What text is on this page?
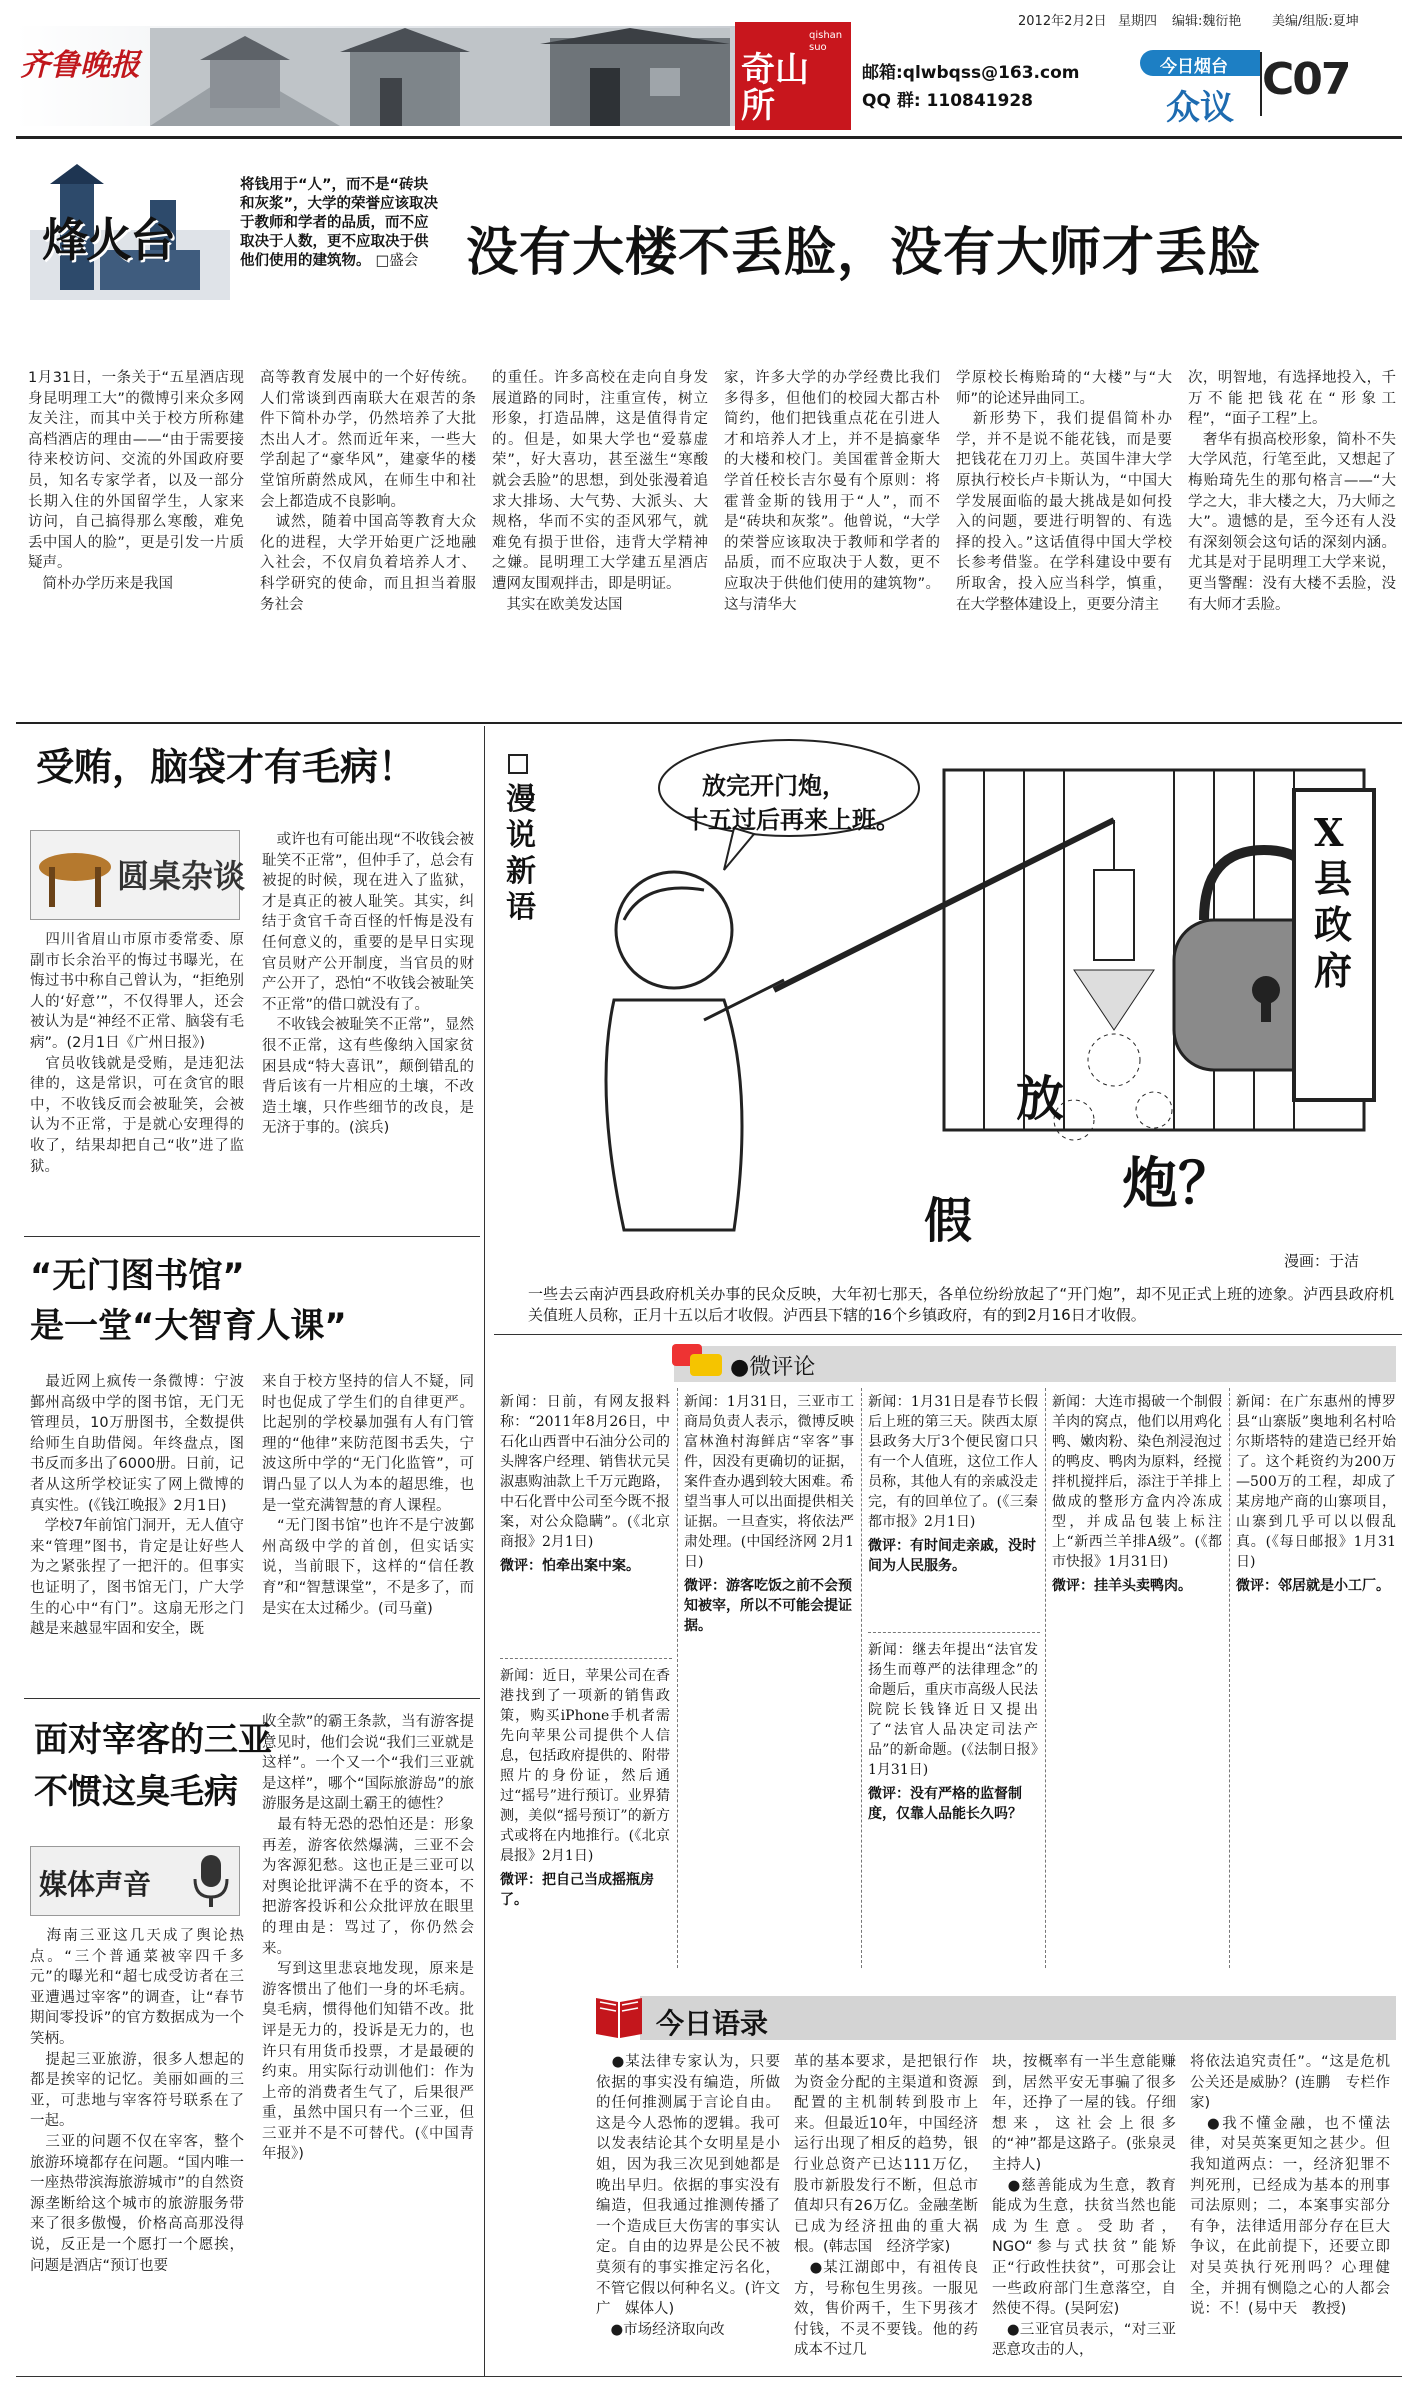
齐鲁晚报	奇山所
qishan suo
2012年2月2日 星期四 编辑:魏衍艳 美编/组版:夏坤
邮箱:qlwbqss@163.com
QQ 群: 110841928
今日烟台
众议
C07
烽火台
将钱用于“人”，而不是“砖块和灰浆”，大学的荣誉应该取决于教师和学者的品质，而不应取决于人数，更不应取决于供他们使用的建筑物。 □盛会 没有大楼不丢脸，没有大师才丢脸
1月31日，一条关于“五星酒店现身昆明理工大”的微博引来众多网友关注，而其中关于校方所称建高档酒店的理由——“由于需要接待来校访问、交流的外国政府要员，知名专家学者，以及一部分长期入住的外国留学生，人家来访问，自己搞得那么寒酸，难免丢中国人的脸”，更是引发一片质疑声。
　简朴办学历来是我国
高等教育发展中的一个好传统。人们常谈到西南联大在艰苦的条件下简朴办学，仍然培养了大批杰出人才。然而近年来，一些大学刮起了“豪华风”，建豪华的楼堂馆所蔚然成风，在师生中和社会上都造成不良影响。
　诚然，随着中国高等教育大众化的进程，大学开始更广泛地融入社会，不仅肩负着培养人才、科学研究的使命，而且担当着服务社会
的重任。许多高校在走向自身发展道路的同时，注重宣传，树立形象，打造品牌，这是值得肯定的。但是，如果大学也“爱慕虚荣”，好大喜功，甚至滋生“寒酸就会丢脸”的思想，到处张漫着追求大排场、大气势、大派头、大规格，华而不实的歪风邪气，就难免有损于世俗，违背大学精神之嫌。昆明理工大学建五星酒店遭网友围观拌击，即是明证。
　其实在欧美发达国
家，许多大学的办学经费比我们多得多，但他们的校园大都古朴简约，他们把钱重点花在引进人才和培养人才上，并不是搞豪华的大楼和校门。美国霍普金斯大学首任校长吉尔曼有个原则：将霍普金斯的钱用于“人”，而不是“砖块和灰浆”。他曾说，“大学的荣誉应该取决于教师和学者的品质，而不应取决于人数，更不应取决于供他们使用的建筑物”。这与清华大
学原校长梅贻琦的“大楼”与“大师”的论述异曲同工。
　新形势下，我们提倡简朴办学，并不是说不能花钱，而是要把钱花在刀刃上。英国牛津大学原执行校长卢卡斯认为，“中国大学发展面临的最大挑战是如何投入的问题，要进行明智的、有选择的投入。”这话值得中国大学校长参考借鉴。在学科建设中要有所取舍，投入应当科学，慎重，在大学整体建设上，更要分清主
次，明智地，有选择地投入，千万不能把钱花在“形象工程”，“面子工程”上。
　奢华有损高校形象，简朴不失大学风范，行笔至此，又想起了梅贻琦先生的那句格言——“大学之大，非大楼之大，乃大师之大”。遗憾的是，至今还有人没有深刻领会这句话的深刻内涵。尤其是对于昆明理工大学来说，更当警醒：没有大楼不丢脸，没有大师才丢脸。
受贿，脑袋才有毛病！
圆桌杂谈
　四川省眉山市原市委常委、原副市长余治平的悔过书曝光，在悔过书中称自己曾认为，“拒绝别人的‘好意’”，不仅得罪人，还会被认为是“神经不正常、脑袋有毛病”。(2月1日《广州日报》)
　官员收钱就是受贿，是违犯法律的，这是常识，可在贪官的眼中，不收钱反而会被耻笑，会被认为不正常，于是就心安理得的收了，结果却把自己“收”进了监狱。
　或许也有可能出现“不收钱会被耻笑不正常”，但仲手了，总会有被捉的时候，现在进入了监狱，才是真正的被人耻笑。其实，纠结于贪官千奇百怪的忏悔是没有任何意义的，重要的是早日实现官员财产公开制度，当官员的财产公开了，恐怕“不收钱会被耻笑不正常”的借口就没有了。
　不收钱会被耻笑不正常”，显然很不正常，这有些像纳入国家贫困县成“特大喜讯”，颠倒错乱的背后该有一片相应的土壤，不改造土壤，只作些细节的改良，是无济于事的。(滨兵)
“无门图书馆”
是一堂“大智育人课”
　最近网上疯传一条微博：宁波鄞州高级中学的图书馆，无门无管理员，10万册图书，全数提供给师生自助借阅。年终盘点，图书反而多出了6000册。日前，记者从这所学校证实了网上微博的真实性。(《钱江晚报》2月1日)
　学校7年前馆门洞开，无人值守来“管理”图书，肯定是让好些人为之紧张捏了一把汗的。但事实也证明了，图书馆无门，广大学生的心中“有门”。这扇无形之门越是来越显牢固和安全，既
来自于校方坚持的信人不疑，同时也促成了学生们的自律更严。比起别的学校暴加强有人有门管理的“他律”来防范图书丢失，宁波这所中学的“无门化监管”，可谓凸显了以人为本的超思维，也是一堂充满智慧的育人课程。
　“无门图书馆”也许不是宁波鄞州高级中学的首创，但实话实说，当前眼下，这样的“信任教育”和“智慧课堂”，不是多了，而是实在太过稀少。(司马童)
面对宰客的三亚
不惯这臭毛病
媒体声音
　海南三亚这几天成了舆论热点。“三个普通菜被宰四千多元”的曝光和“超七成受访者在三亚遭遇过宰客”的调查，让“春节期间零投诉”的官方数据成为一个笑柄。
　提起三亚旅游，很多人想起的都是挨宰的记忆。美丽如画的三亚，可悲地与宰客符号联系在了一起。
　三亚的问题不仅在宰客，整个旅游环境都存在问题。“国内唯一一座热带滨海旅游城市”的自然资源垄断给这个城市的旅游服务带来了很多傲慢，价格高高那没得说，反正是一个愿打一个愿挨，问题是酒店“预订也要
收全款”的霸王条款，当有游客提意见时，他们会说“我们三亚就是这样”。一个又一个“我们三亚就是这样”，哪个“国际旅游岛”的旅游服务是这副土霸王的德性？
　最有特无恐的恐怕还是：形象再差，游客依然爆满，三亚不会为客源犯愁。这也正是三亚可以对舆论批评满不在乎的资本，不把游客投诉和公众批评放在眼里的理由是：骂过了，你仍然会来。
　写到这里悲哀地发现，原来是游客惯出了他们一身的坏毛病。臭毛病，惯得他们知错不改。批评是无力的，投诉是无力的，也许只有用货币投票，才是最硬的约束。用实际行动训他们：作为上帝的消费者生气了，后果很严重，虽然中国只有一个三亚，但三亚并不是不可替代。(《中国青年报》)
漫说新语
放完开门炮，
十五过后再来上班。	X县政府
放
炮？
假
漫画：于洁
一些去云南泸西县政府机关办事的民众反映，大年初七那天，各单位纷纷放起了“开门炮”，却不见正式上班的迹象。泸西县政府机关值班人员称，正月十五以后才收假。泸西县下辖的16个乡镇政府，有的到2月16日才收假。
●微评论
新闻：日前，有网友报料称：“2011年8月26日，中石化山西晋中石油分公司的头牌客户经理、销售状元吴淑惠购油款上千万元跑路，中石化晋中公司至今既不报案，对公众隐瞒”。(《北京商报》2月1日)
微评：怕牵出案中案。
新闻：近日，苹果公司在香港找到了一项新的销售政策，购买iPhone手机者需先向苹果公司提供个人信息，包括政府提供的、附带照片的身份证，然后通过“摇号”进行预订。业界猜测，美似“摇号预订”的新方式或将在内地推行。(《北京晨报》2月1日)
微评：把自己当成摇瓶房了。
新闻：1月31日，三亚市工商局负责人表示，微博反映富林渔村海鲜店“宰客”事件，因没有更确切的证据，案件查办遇到较大困难。希望当事人可以出面提供相关证据。一旦查实，将依法严肃处理。(中国经济网 2月1日)
微评：游客吃饭之前不会预知被宰，所以不可能会提证据。
新闻：1月31日是春节长假后上班的第三天。陕西太原县政务大厅3个便民窗口只有一个人值班，这位工作人员称，其他人有的亲戚没走完，有的回单位了。(《三秦都市报》2月1日)
微评：有时间走亲戚，没时间为人民服务。
新闻：继去年提出“法官发扬生而尊严的法律理念”的命题后，重庆市高级人民法院院长钱锋近日又提出了“法官人品决定司法产品”的新命题。(《法制日报》1月31日)
微评：没有严格的监督制度，仅靠人品能长久吗？
新闻：大连市揭破一个制假羊肉的窝点，他们以用鸡化鸭、嫩肉粉、染色剂浸泡过的鸭皮、鸭肉为原料，经搅拌机搅拌后，添注于羊排上做成的整形方盒内冷冻成型，并成品包装上标注上“新西兰羊排A级”。(《都市快报》1月31日)
微评：挂羊头卖鸭肉。
新闻：在广东惠州的博罗县“山寨版”奥地利名村哈尔斯塔特的建造已经开始了。这个耗资约为200万—500万的工程，却成了某房地产商的山寨项目，山寨到几乎可以以假乱真。(《每日邮报》1月31日)
微评：邻居就是小工厂。
今日语录
　●某法律专家认为，只要依据的事实没有编造，所做的任何推测属于言论自由。这是今人恐怖的逻辑。我可以发表结论其个女明星是小姐，因为我三次见到她都是晚出早归。依据的事实没有编造，但我通过推测传播了一个造成巨大伤害的事实认定。自由的边界是公民不被莫须有的事实推定污名化，不管它假以何种名义。(许文广　媒体人)
　●市场经济取向改
革的基本要求，是把银行作为资金分配的主渠道和资源配置的主机制转到股市上来。但最近10年，中国经济运行出现了相反的趋势，银行业总资产已达111万亿，股市新股发行不断，但总市值却只有26万亿。金融垄断已成为经济扭曲的重大祸根。(韩志国　经济学家)
　●某江湖郎中，有祖传良方，号称包生男孩。一服见效，售价两千，生下男孩才付钱，不灵不要钱。他的药成本不过几
块，按概率有一半生意能赚到，居然平安无事骗了很多年，还挣了一屋的钱。仔细想来，这社会上很多的“神”都是这路子。(张泉灵　主持人)
　●慈善能成为生意，教育能成为生意，扶贫当然也能成为生意。受助者，NGO“参与式扶贫”能矫正“行政性扶贫”，可那会让一些政府部门生意落空，自然使不得。(吴阿宏)
　●三亚官员表示，“对三亚恶意攻击的人，
将依法追究责任”。“这是危机公关还是威胁？(连鹏　专栏作家)
　●我不懂金融，也不懂法律，对吴英案更知之甚少。但我知道两点：一，经济犯罪不判死刑，已经成为基本的刑事司法原则；二，本案事实部分有争，法律适用部分存在巨大争议，在此前提下，还要立即对吴英执行死刑吗？心理健全，并拥有恻隐之心的人都会说：不！(易中天　教授)
